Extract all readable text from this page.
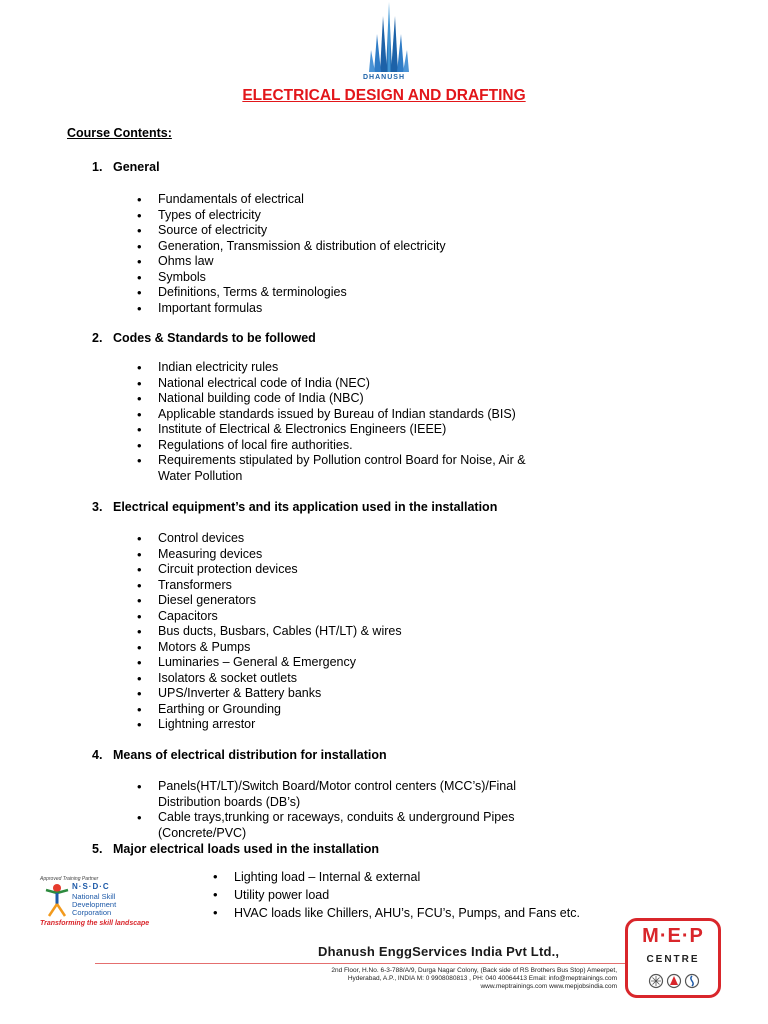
DHANUSH
ELECTRICAL DESIGN AND DRAFTING
Course Contents:
1. General
• Fundamentals of electrical
• Types of electricity
• Source of electricity
• Generation, Transmission & distribution of electricity
• Ohms law
• Symbols
• Definitions, Terms & terminologies
• Important formulas
2. Codes & Standards to be followed
• Indian electricity rules
• National electrical code of India (NEC)
• National building code of India (NBC)
• Applicable standards issued by Bureau of Indian standards (BIS)
• Institute of Electrical & Electronics Engineers (IEEE)
• Regulations of local fire authorities.
• Requirements stipulated by Pollution control Board for Noise, Air & Water Pollution
3. Electrical equipment’s and its application used in the installation
• Control devices
• Measuring devices
• Circuit protection devices
• Transformers
• Diesel generators
• Capacitors
• Bus ducts, Busbars, Cables (HT/LT) & wires
• Motors & Pumps
• Luminaries – General & Emergency
• Isolators & socket outlets
• UPS/Inverter & Battery banks
• Earthing or Grounding
• Lightning arrestor
4. Means of electrical distribution for installation
• Panels(HT/LT)/Switch Board/Motor control centers (MCC’s)/Final Distribution boards (DB’s)
• Cable trays,trunking or raceways, conduits & underground Pipes (Concrete/PVC)
5. Major electrical loads used in the installation
• Lighting load – Internal & external
• Utility power load
• HVAC loads like Chillers, AHU’s, FCU’s, Pumps, and Fans etc.
Approved Training Partner
N·S·D·C
National Skill Development Corporation
Transforming the skill landscape
Dhanush EnggServices India Pvt Ltd.,
2nd Floor, H.No. 6-3-788/A/9, Durga Nagar Colony, (Back side of RS Brothers Bus Stop) Ameerpet,
Hyderabad, A.P., INDIA M: 0 9908080813 , PH: 040 40064413 Email: info@meptrainings.com
www.meptrainings.com www.mepjobsindia.com
M·E·P
CENTRE
